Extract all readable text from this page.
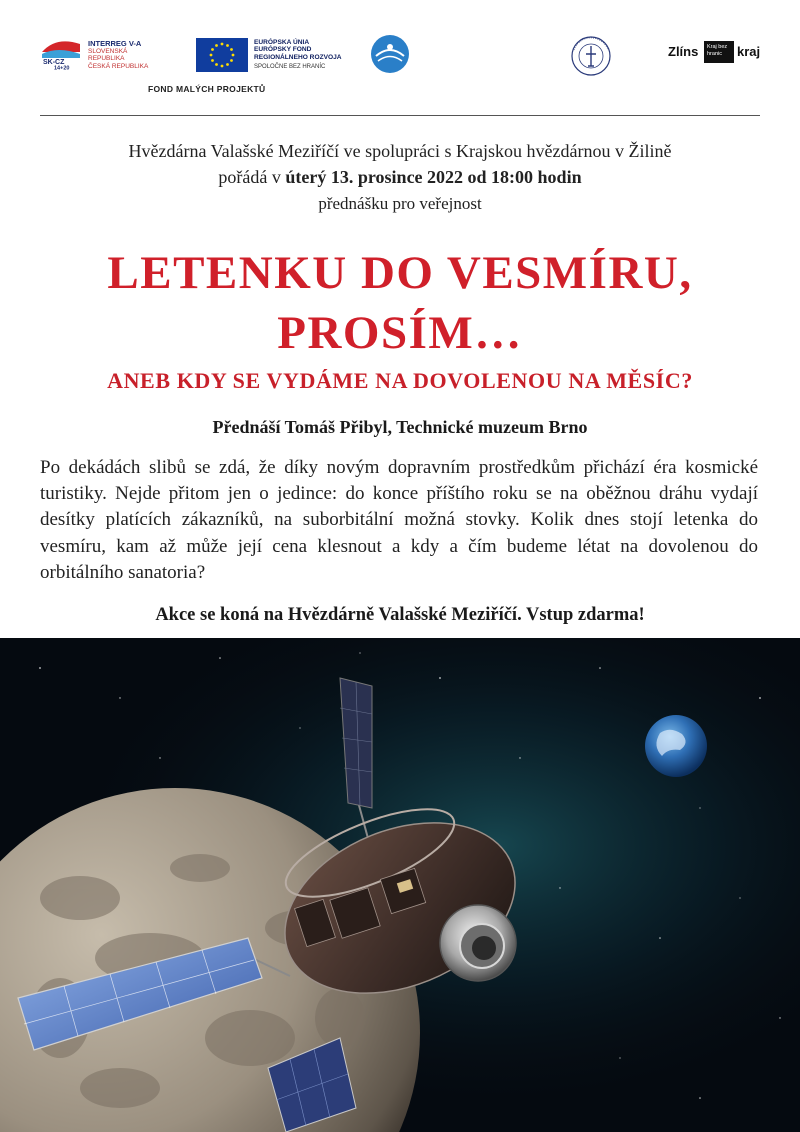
SK-CZ
14+20
INTERREG V-A
SLOVENSKÁ REPUBLIKA
ČESKÁ REPUBLIKA
EURÓPSKA ÚNIA
EURÓPSKY FOND
REGIONÁLNEHO ROZVOJA
SPOLOČNE BEZ HRANÍC
FOND MALÝCH PROJEKTŮ
Zlíns	Kraj bez hranic	kraj
Hvězdárna Valašské Meziříčí ve spolupráci s Krajskou hvězdárnou v Žilině
pořádá v úterý 13. prosince 2022 od 18:00 hodin
přednášku pro veřejnost
LETENKU DO VESMÍRU,
PROSÍM…
ANEB KDY SE VYDÁME NA DOVOLENOU NA MĚSÍC?
Přednáší Tomáš Přibyl, Technické muzeum Brno
Po dekádách slibů se zdá, že díky novým dopravním prostředkům přichází éra kosmické turistiky. Nejde přitom jen o jedince: do konce příštího roku se na oběžnou dráhu vydají desítky platících zákazníků, na suborbitální možná stovky. Kolik dnes stojí letenka do vesmíru, kam až může její cena klesnout a kdy a čím budeme létat na dovolenou do orbitálního sanatoria?
Akce se koná na Hvězdárně Valašské Meziříčí. Vstup zdarma!
